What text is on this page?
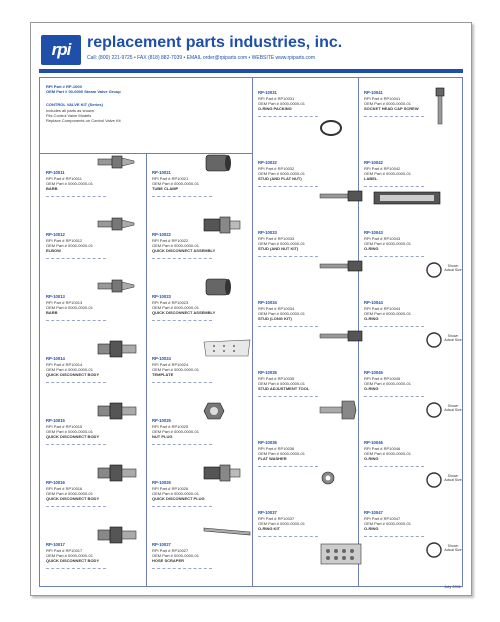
rpi	replacement parts industries, inc.
Call: (800) 221-9725 • FAX (818) 882-7039 • EMAIL order@rpiparts.com • WEBSITE www.rpiparts.com
RPI Part # RP-1000
OEM Part # 00-0000 Steam Valve Group
CONTROL VALVE KIT (Series)
Includes all parts as shown
Fits Control Valve Models
Replace Components on Control Valve Kit
RP-10011
RPI Part # RP10011
OEM Part # 0000-0000-01
BARB
RP-10012
RPI Part # RP10012
OEM Part # 0000-0000-01
ELBOW
RP-10013
RPI Part # RP10013
OEM Part # 0000-0000-01
BARB
RP-10014
RPI Part # RP10014
OEM Part # 0000-0000-01
QUICK DISCONNECT BODY
RP-10015
RPI Part # RP10015
OEM Part # 0000-0000-01
QUICK DISCONNECT BODY
RP-10016
RPI Part # RP10016
OEM Part # 0000-0000-01
QUICK DISCONNECT BODY
RP-10017
RPI Part # RP10017
OEM Part # 0000-0000-01
QUICK DISCONNECT BODY
RP-10021
RPI Part # RP10021
OEM Part # 0000-0000-01
TUBE CLAMP
RP-10022
RPI Part # RP10022
OEM Part # 0000-0000-01
QUICK DISCONNECT ASSEMBLY
RP-10023
RPI Part # RP10023
OEM Part # 0000-0000-01
QUICK DISCONNECT ASSEMBLY
RP-10024
RPI Part # RP10024
OEM Part # 0000-0000-01
TEMPLATE
RP-10025
RPI Part # RP10025
OEM Part # 0000-0000-01
NUT PLUG
RP-10026
RPI Part # RP10026
OEM Part # 0000-0000-01
QUICK DISCONNECT PLUG
RP-10027
RPI Part # RP10027
OEM Part # 0000-0000-01
HOSE SCRAPER
RP-10031
RPI Part # RP10031
OEM Part # 0000-0000-01
O-RING PACKING
RP-10032
RPI Part # RP10032
OEM Part # 0000-0000-01
STUD (AND FLAT NUT)
RP-10033
RPI Part # RP10033
OEM Part # 0000-0000-01
STUD (AND NUT KIT)
RP-10034
RPI Part # RP10034
OEM Part # 0000-0000-01
STUD (LONG KIT)
RP-10035
RPI Part # RP10035
OEM Part # 0000-0000-01
STUD ADJUSTMENT TOOL
RP-10036
RPI Part # RP10036
OEM Part # 0000-0000-01
FLAT WASHER
RP-10037
RPI Part # RP10037
OEM Part # 0000-0000-01
O-RING KIT
RP-10041
RPI Part # RP10041
OEM Part # 0000-0000-01
SOCKET HEAD CAP SCREW
RP-10042
RPI Part # RP10042
OEM Part # 0000-0000-01
LABEL
RP-10043
RPI Part # RP10043
OEM Part # 0000-0000-01
O-RING
Shown Actual Size
RP-10044
RPI Part # RP10044
OEM Part # 0000-0000-01
O-RING
Shown Actual Size
RP-10045
RPI Part # RP10045
OEM Part # 0000-0000-01
O-RING
Shown Actual Size
RP-10046
RPI Part # RP10046
OEM Part # 0000-0000-01
O-RING
Shown Actual Size
RP-10047
RPI Part # RP10047
OEM Part # 0000-0000-01
O-RING
Shown Actual Size
July 2011
